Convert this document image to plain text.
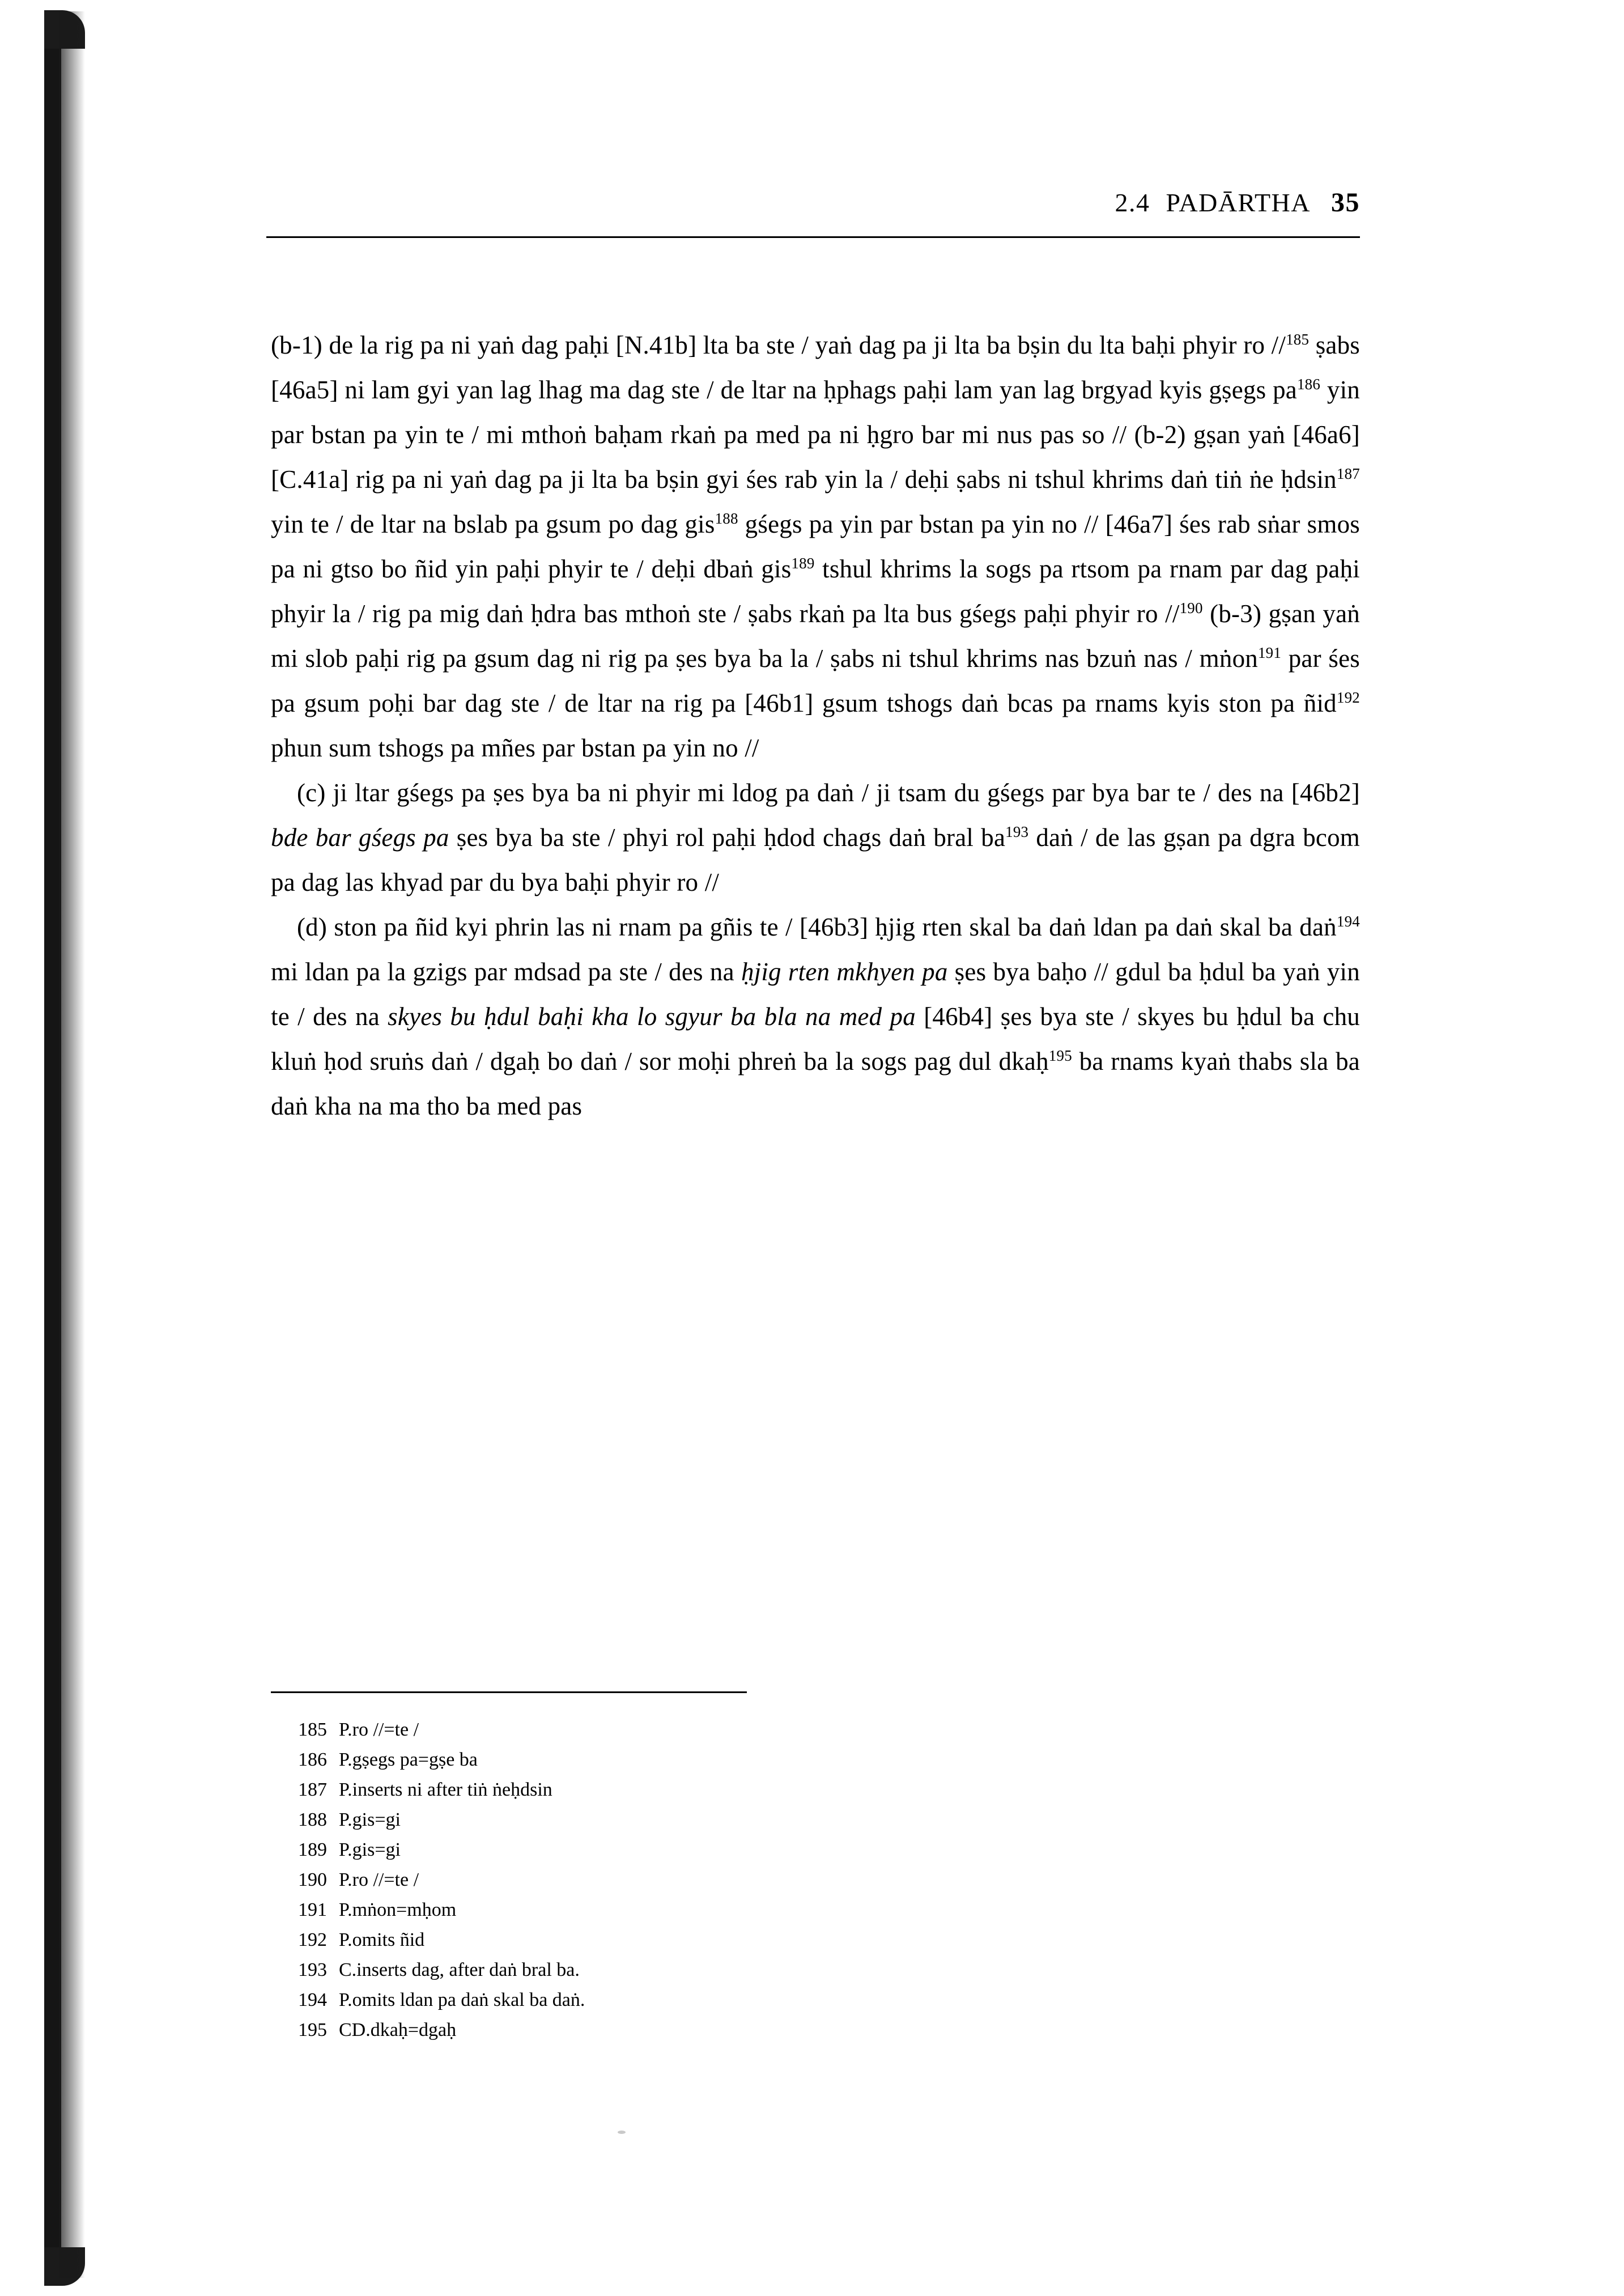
2.4 PADĀRTHA 35

(b-1) de la rig pa ni yaṅ dag paḥi [N.41b] lta ba ste / yaṅ dag pa ji lta ba bṣin du lta baḥi phyir ro //$^{185}$ ṣabs [46a5] ni lam gyi yan lag lhag ma dag ste / de ltar na ḥphags paḥi lam yan lag brgyad kyis gṣegs $pa^{186}$ yin par bstan pa yin te / mi mthoṅ baḥam rkaṅ pa med pa ni ḥgro bar mi nus pas so // (b-2) gṣan yaṅ [46a6] [C.41a] rig pa ni yaṅ dag pa ji lta ba bṣin gyi śes rab yin la / deḥi ṣabs ni tshul khrims daṅ tiṅ ṅe ḥdsin$^{187}$ yin te / de ltar na bslab pa gsum po dag gis$^{188}$ gśegs pa yin par bstan pa yin no // [46a7] śes rab sṅar smos pa ni gtso bo ñid yin paḥi phyir te / deḥi dbaṅ gis$^{189}$ tshul khrims la sogs pa rtsom pa rnam par dag paḥi phyir la / rig pa mig daṅ ḥdra bas mthoṅ ste / ṣabs rkaṅ pa lta bus gśegs paḥi phyir ro //$^{190}$ (b-3) gṣan yaṅ mi slob paḥi rig pa gsum dag ni rig pa ṣes bya ba la / ṣabs ni tshul khrims nas bzuṅ nas / mṅon$^{191}$ par śes pa gsum poḥi bar dag ste / de ltar na rig pa [46b1] gsum tshogs daṅ bcas pa rnams kyis ston pa ñid$^{192}$ phun sum tshogs pa mñes par bstan pa yin no //

(c) ji ltar gśegs pa ṣes bya ba ni phyir mi ldog pa daṅ / ji tsam du gśegs par bya bar te / des na [46b2] bde bar gśegs pa ṣes bya ba ste / phyi rol paḥi ḥdod chags daṅ bral $ba^{193}$ daṅ / de las gṣan pa dgra bcom pa dag las khyad par du bya baḥi phyir ro //

(d) ston pa ñid kyi phrin las ni rnam pa gñis te / [46b3] ḥjig rten skal ba daṅ ldan pa daṅ skal ba daṅ$^{194}$ mi ldan pa la gzigs par mdsad pa ste / des na ḥjig rten mkhyen pa ṣes bya baḥo // gdul ba ḥdul ba yaṅ yin te / des na skyes bu ḥdul baḥi kha lo sgyur ba bla na med pa [46b4] ṣes bya ste / skyes bu ḥdul ba chu kluṅ ḥod sruṅs daṅ / dgaḥ bo daṅ / sor moḥi phreṅ ba la sogs pag dul dkaḥ$^{195}$ ba rnams kyaṅ thabs sla ba daṅ kha na ma tho ba med pas

185 P.ro //=te /
186 P.gṣegs pa=gṣe ba
187 P.inserts ni after tiṅ ṅeḥdsin
188 P.gis=gi
189 P.gis=gi
190 P.ro //=te /
191 P.mṅon=mḥom
192 P.omits ñid
193 C.inserts dag, after daṅ bral ba.
194 P.omits ldan pa daṅ skal ba daṅ.
195 CD.dkaḥ=dgaḥ
